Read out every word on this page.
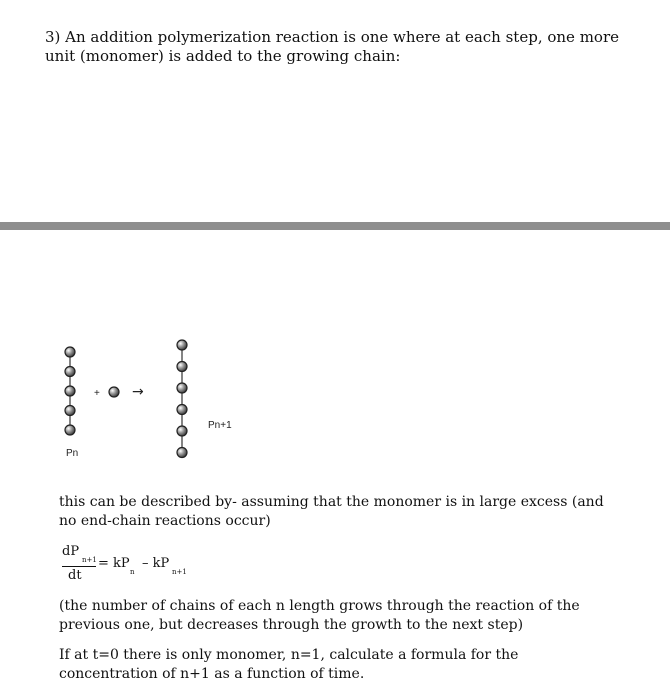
3) An addition polymerization reaction is one where at each step, one more unit (monomer) is added to the growing chain:
+ →
Pn
Pn+1
this can be described by- assuming that the monomer is in large excess (and no end-chain reactions occur)
dP
n+1
dt
= kP
n
– kP
n+1
(the number of chains of each n length grows through the reaction of the previous one, but decreases through the growth to the next step)
If at t=0 there is only monomer, n=1, calculate a formula for the concentration of n+1 as a function of time.
